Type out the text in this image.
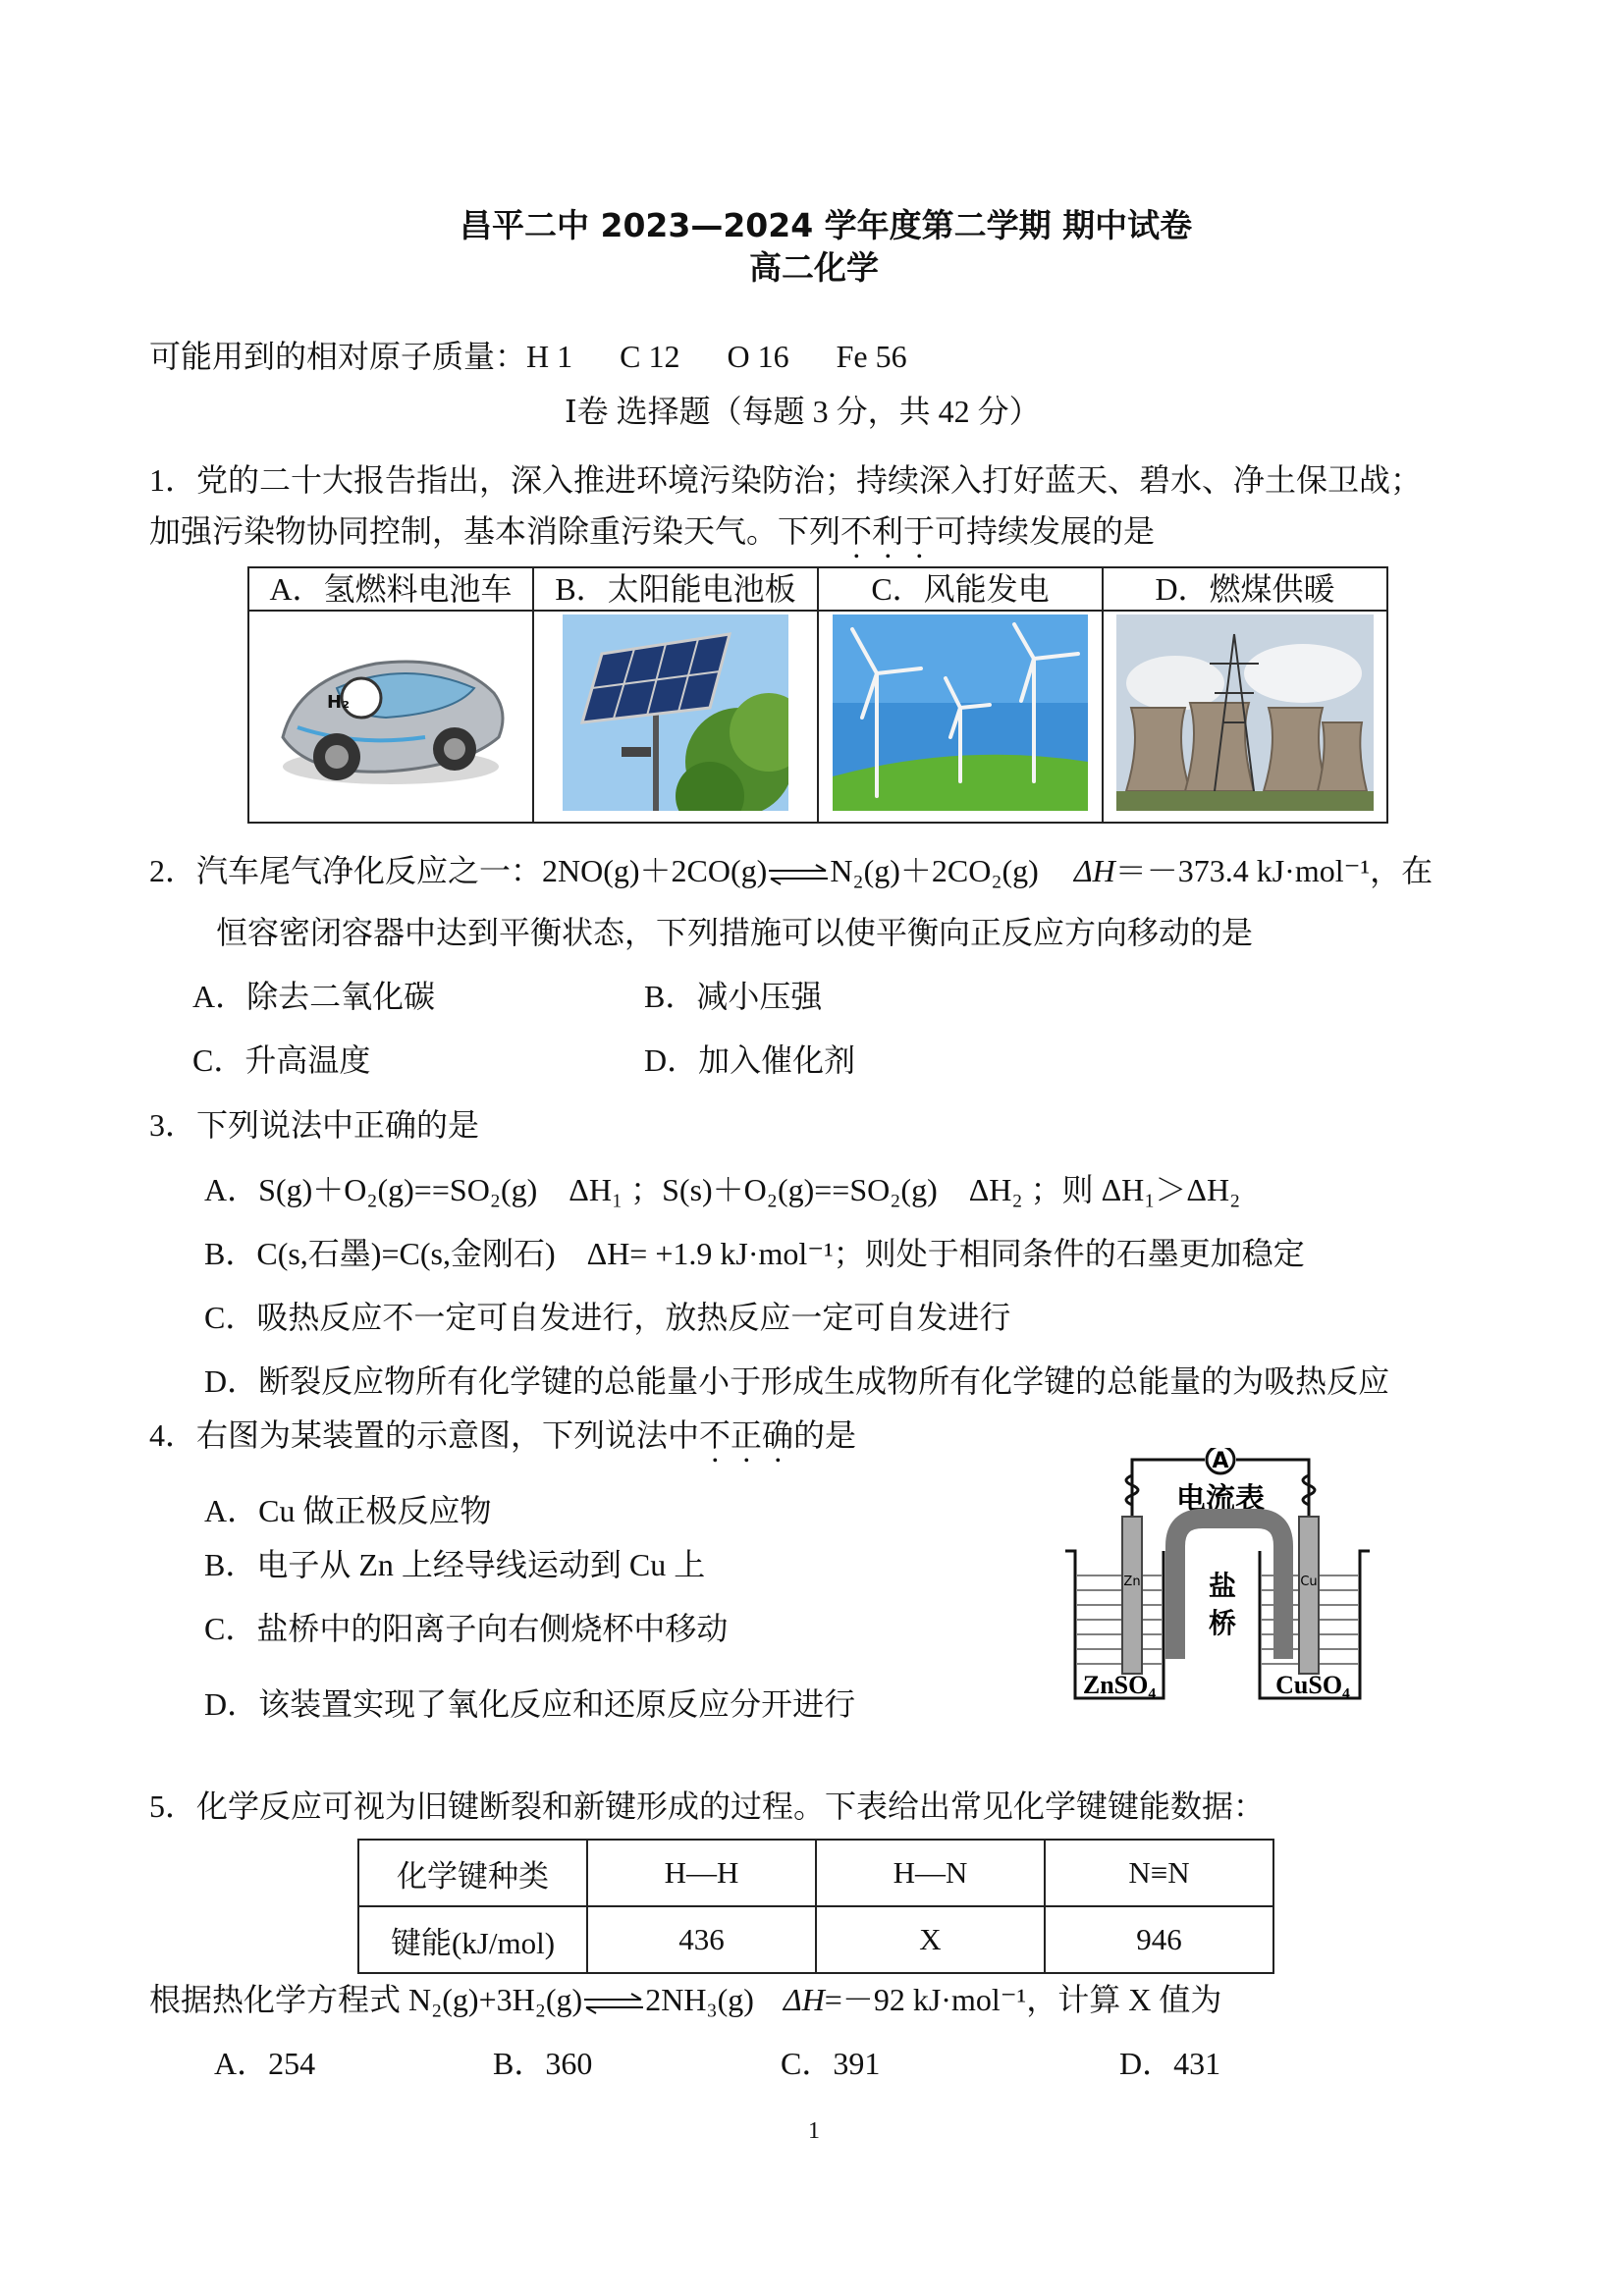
昌平二中 2023—2024 学年度第二学期 期中试卷
高二化学
可能用到的相对原子质量：H 1      C 12      O 16      Fe 56
Ⅰ卷 选择题（每题 3 分，共 42 分）
1．党的二十大报告指出，深入推进环境污染防治；持续深入打好蓝天、碧水、净土保卫战；
加强污染物协同控制，基本消除重污染天气。下列不利于可持续发展的是
A．氢燃料电池车	B．太阳能电池板	C．风能发电	D．燃煤供暖

2．汽车尾气净化反应之一：2NO(g)＋2CO(g)⇌N₂(g)＋2CO₂(g) ΔH＝－373.4 kJ·mol⁻¹，在
恒容密闭容器中达到平衡状态，下列措施可以使平衡向正反应方向移动的是
A．除去二氧化碳	B．减小压强
C．升高温度	D．加入催化剂
3．下列说法中正确的是
A．S(g)＋O₂(g)==SO₂(g)    ΔH₁ ；S(s)＋O₂(g)==SO₂(g)    ΔH₂ ；则 ΔH₁＞ΔH₂
B．C(s,石墨)=C(s,金刚石)    ΔH= +1.9 kJ·mol⁻¹；则处于相同条件的石墨更加稳定
C．吸热反应不一定可自发进行，放热反应一定可自发进行
D．断裂反应物所有化学键的总能量小于形成生成物所有化学键的总能量的为吸热反应
4．右图为某装置的示意图，下列说法中不正确的是
A．Cu 做正极反应物
B．电子从 Zn 上经导线运动到 Cu 上
C．盐桥中的阳离子向右侧烧杯中移动
D．该装置实现了氧化反应和还原反应分开进行
A
电流表
盐
桥
Zn	Cu
ZnSO₄	CuSO₄
5．化学反应可视为旧键断裂和新键形成的过程。下表给出常见化学键键能数据：
化学键种类	H—H	H—N	N≡N
键能(kJ/mol)	436	X	946
根据热化学方程式 N₂(g)+3H₂(g)⇌2NH₃(g) ΔH=－92 kJ·mol⁻¹，计算 X 值为
A．254	B．360	C．391	D．431
H₂
1
